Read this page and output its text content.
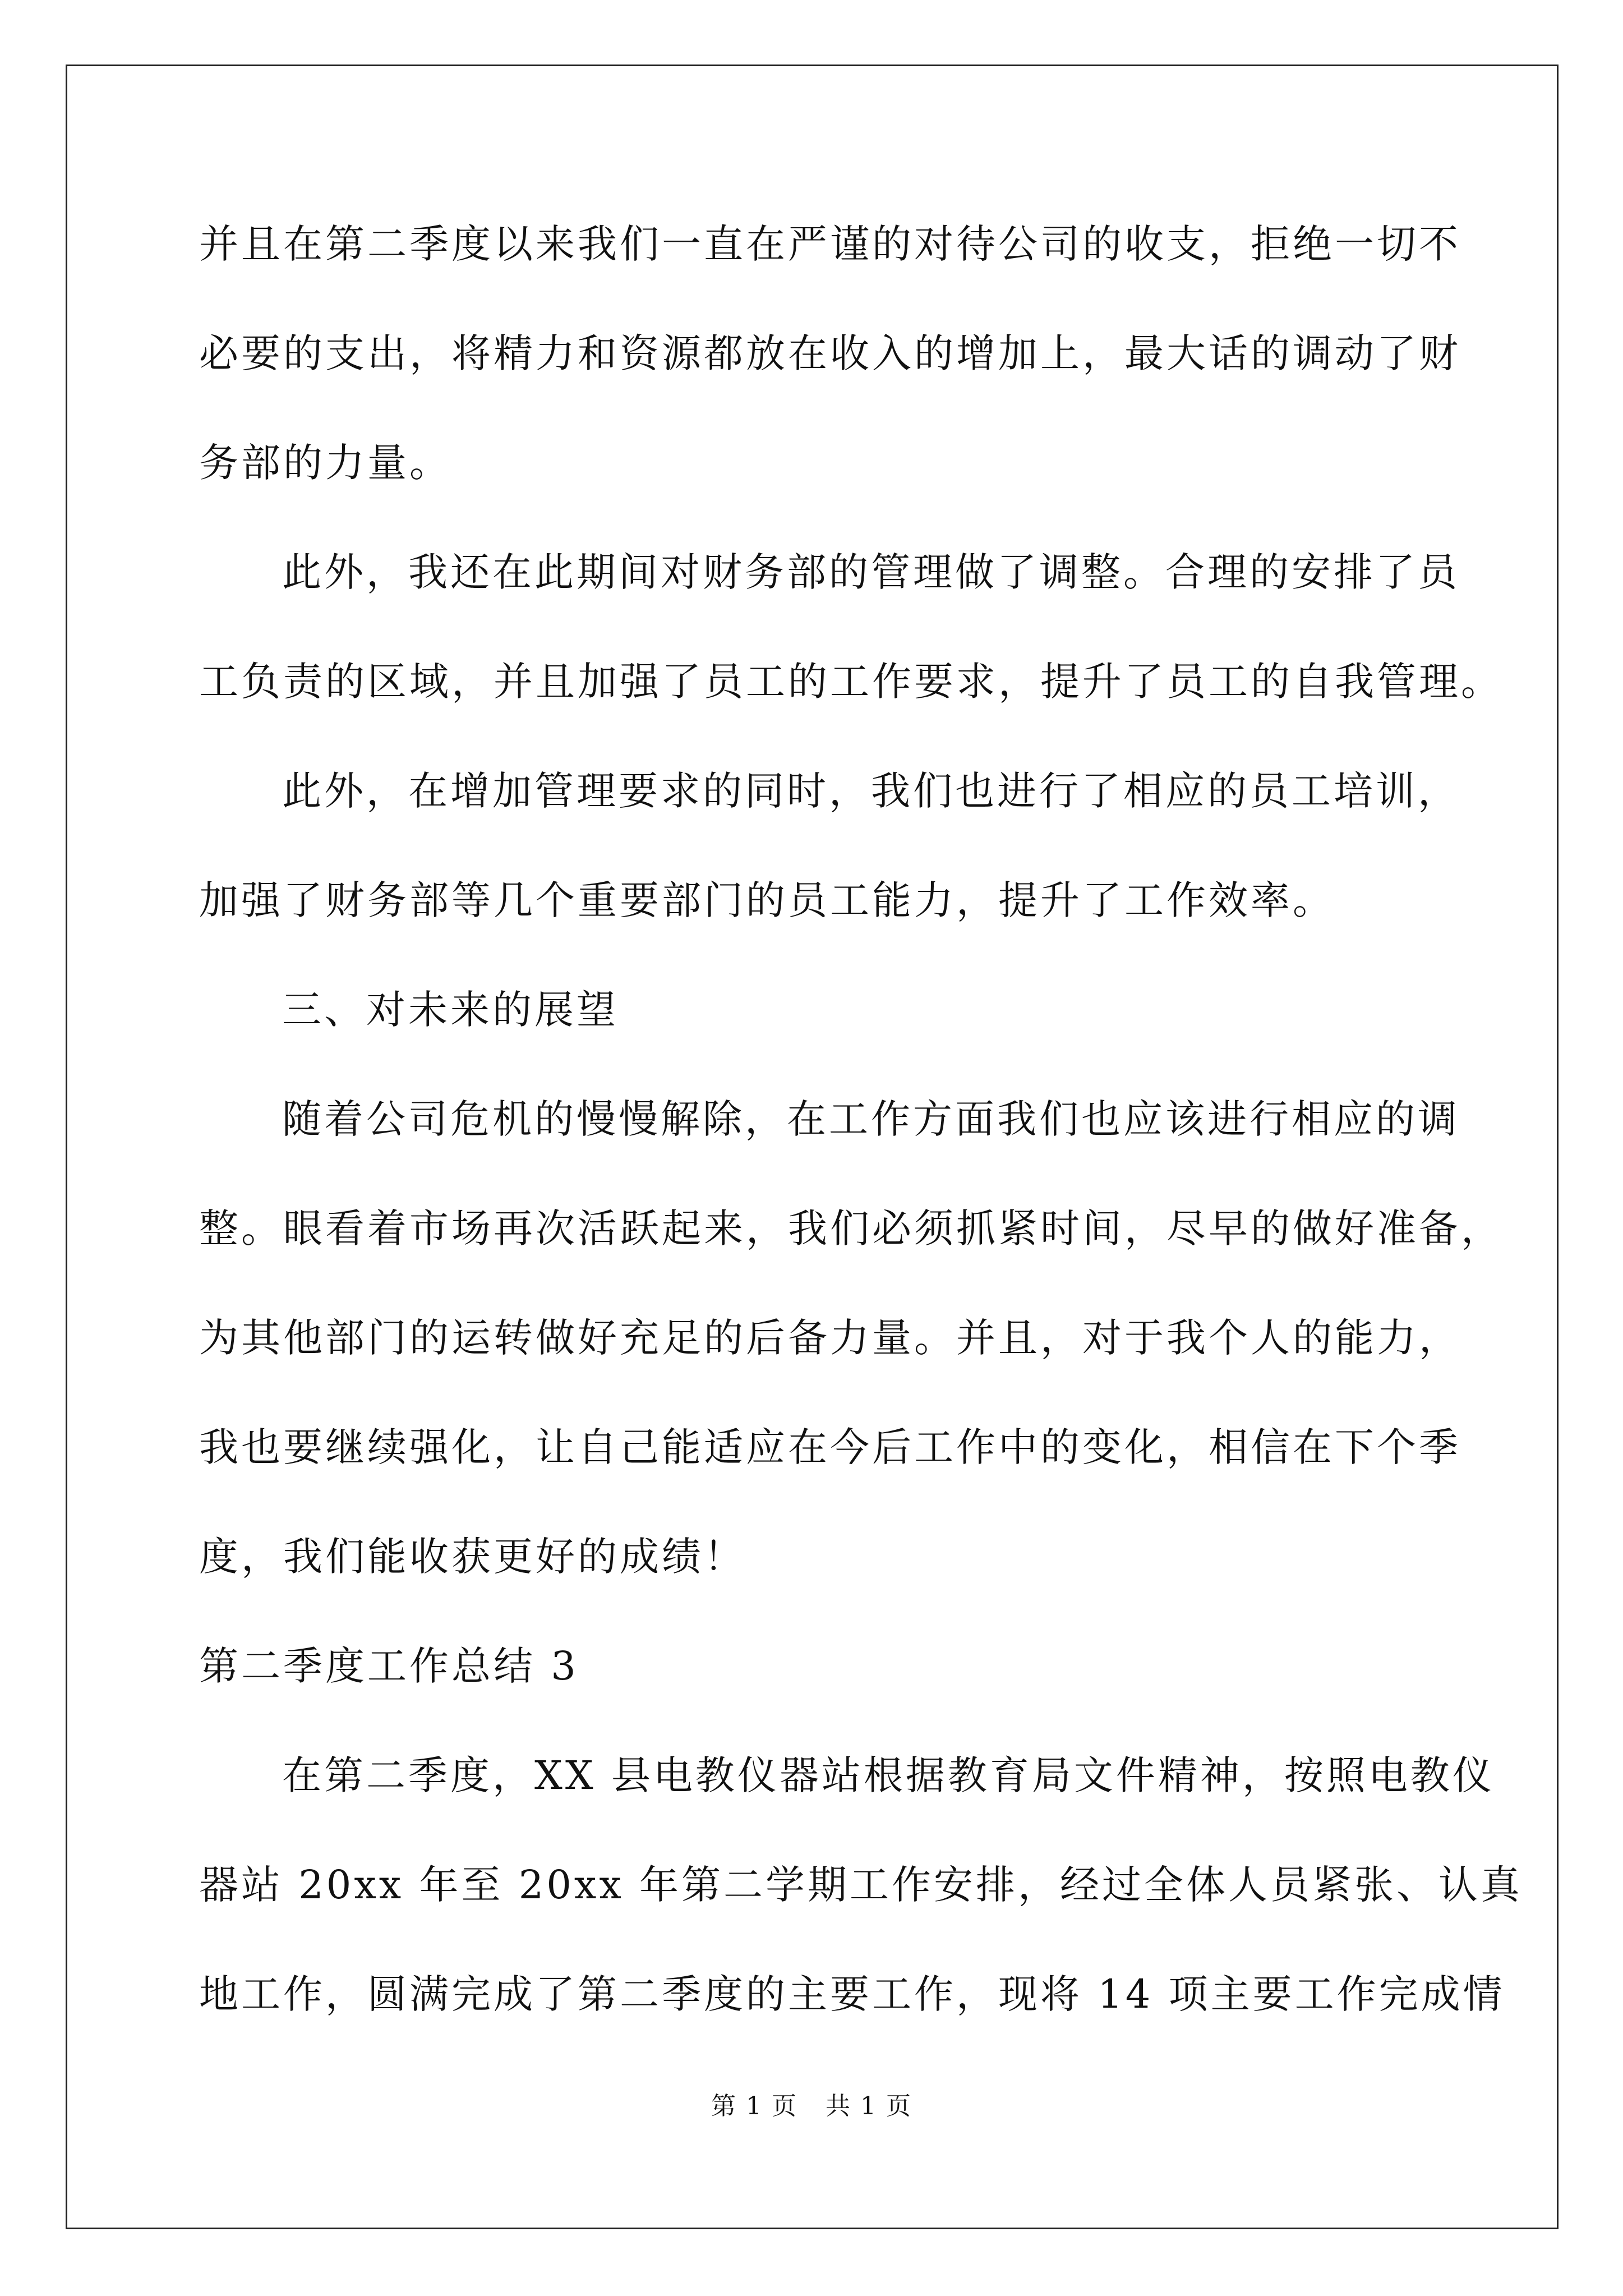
并且在第二季度以来我们一直在严谨的对待公司的收支，拒绝一切不
必要的支出，将精力和资源都放在收入的增加上，最大话的调动了财
务部的力量。
此外，我还在此期间对财务部的管理做了调整。合理的安排了员
工负责的区域，并且加强了员工的工作要求，提升了员工的自我管理。
此外，在增加管理要求的同时，我们也进行了相应的员工培训，
加强了财务部等几个重要部门的员工能力，提升了工作效率。
三、对未来的展望
随着公司危机的慢慢解除，在工作方面我们也应该进行相应的调
整。眼看着市场再次活跃起来，我们必须抓紧时间，尽早的做好准备，
为其他部门的运转做好充足的后备力量。并且，对于我个人的能力，
我也要继续强化，让自己能适应在今后工作中的变化，相信在下个季
度，我们能收获更好的成绩！
第二季度工作总结 3
在第二季度，XX 县电教仪器站根据教育局文件精神，按照电教仪
器站 20xx 年至 20xx 年第二学期工作安排，经过全体人员紧张、认真
地工作，圆满完成了第二季度的主要工作，现将 14 项主要工作完成情
第 1 页 共 1 页
